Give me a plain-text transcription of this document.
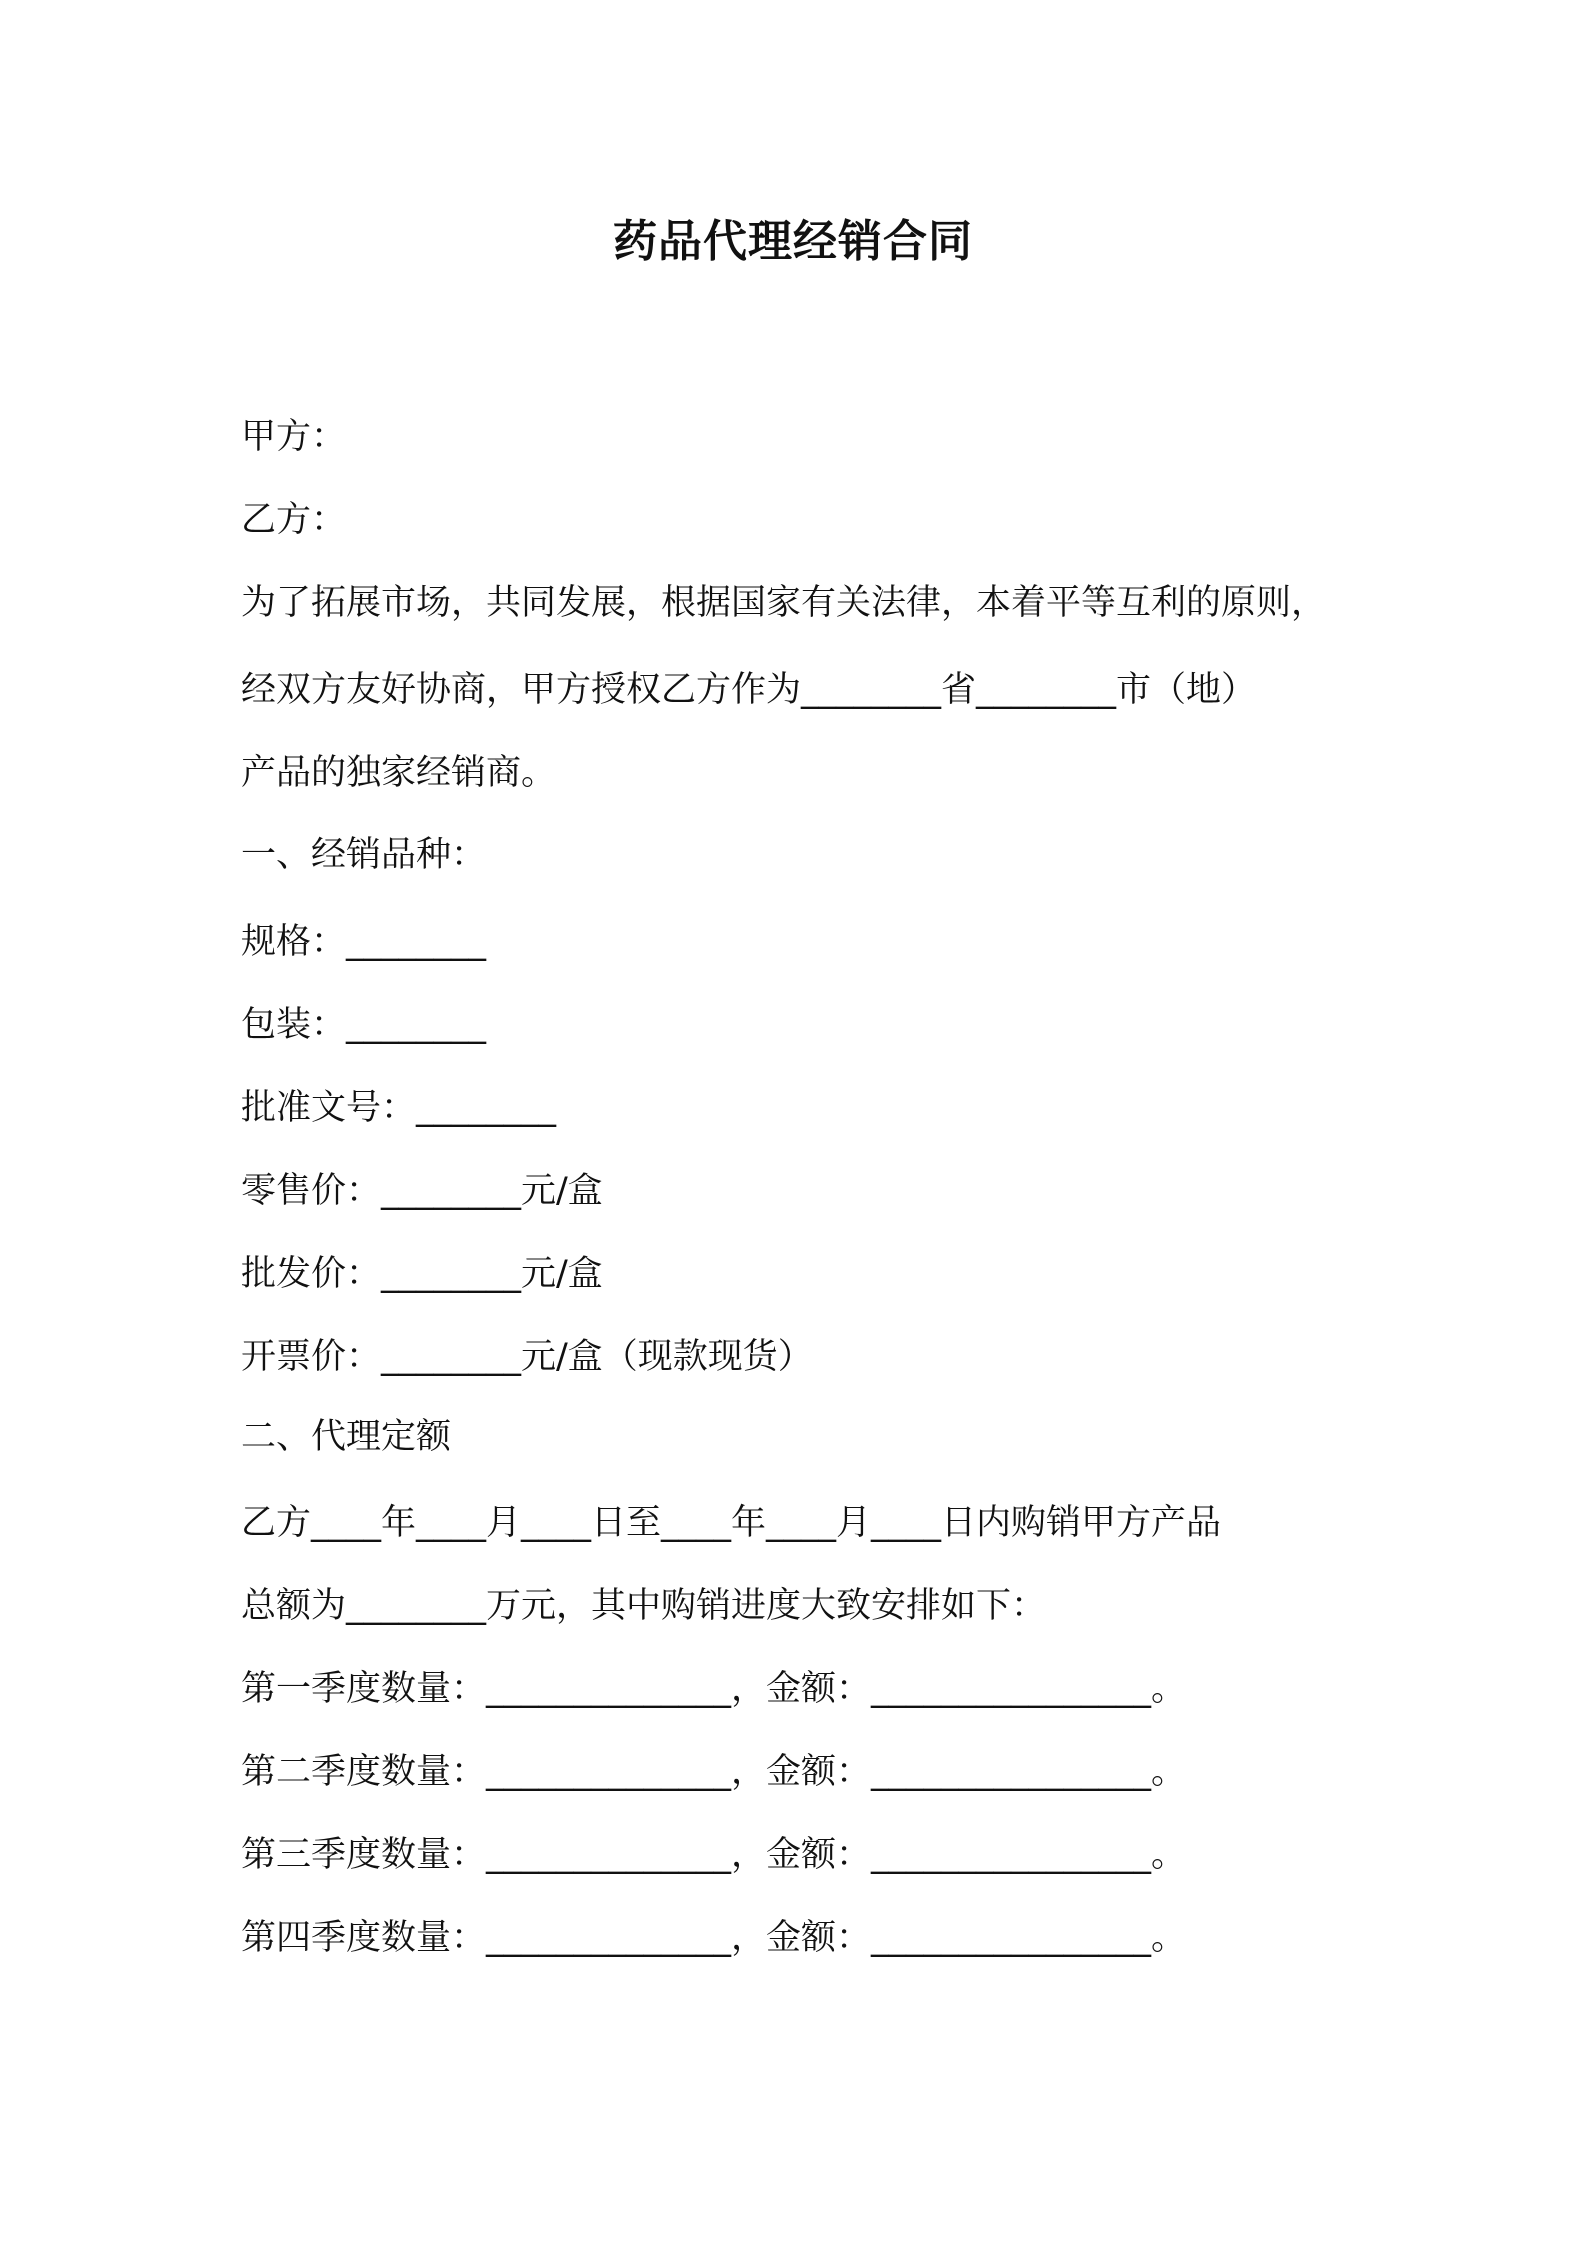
药品代理经销合同
甲方：
乙方：
为了拓展市场，共同发展，根据国家有关法律，本着平等互利的原则，
经双方友好协商，甲方授权乙方作为________省________市（地）
产品的独家经销商。
一、经销品种：
规格：________
包装：________
批准文号：________
零售价：________元/盒
批发价：________元/盒
开票价：________元/盒（现款现货）
二、代理定额
乙方____年____月____日至____年____月____日内购销甲方产品
总额为________万元，其中购销进度大致安排如下：
第一季度数量：______________，金额：________________。
第二季度数量：______________，金额：________________。
第三季度数量：______________，金额：________________。
第四季度数量：______________，金额：________________。
